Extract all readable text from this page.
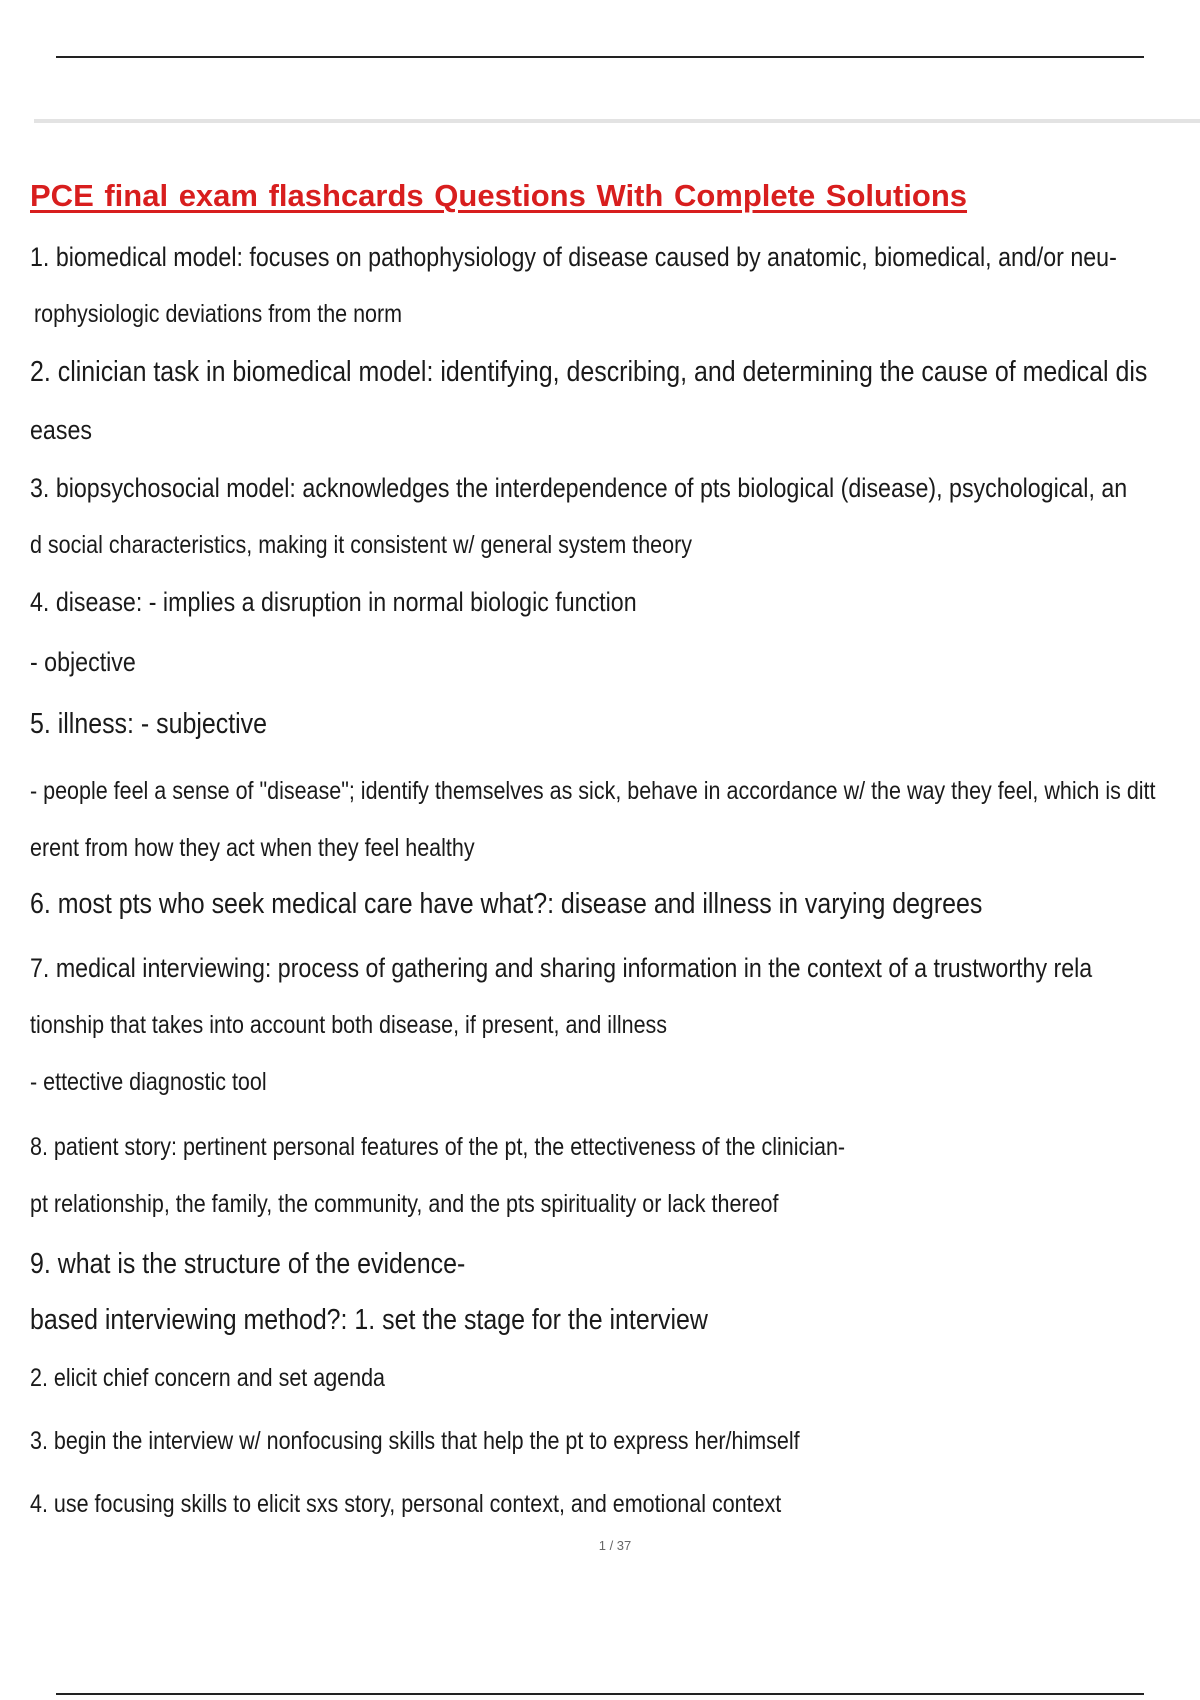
PCE final exam flashcards Questions With Complete Solutions
1. biomedical model: focuses on pathophysiology of disease caused by anatomic, biomedical, and/or neu-
rophysiologic deviations from the norm
2. clinician task in biomedical model: identifying, describing, and determining the cause of medical dis
eases
3. biopsychosocial model: acknowledges the interdependence of pts biological (disease), psychological, an
d social characteristics, making it consistent w/ general system theory
4. disease: - implies a disruption in normal biologic function
- objective
5. illness: - subjective
- people feel a sense of "disease"; identify themselves as sick, behave in accordance w/ the way they feel, which is ditt
erent from how they act when they feel healthy
6. most pts who seek medical care have what?: disease and illness in varying degrees
7. medical interviewing: process of gathering and sharing information in the context of a trustworthy rela
tionship that takes into account both disease, if present, and illness
- ettective diagnostic tool
8. patient story: pertinent personal features of the pt, the ettectiveness of the clinician-
pt relationship, the family, the community, and the pts spirituality or lack thereof
9. what is the structure of the evidence-
based interviewing method?: 1. set the stage for the interview
2. elicit chief concern and set agenda
3. begin the interview w/ nonfocusing skills that help the pt to express her/himself
4. use focusing skills to elicit sxs story, personal context, and emotional context
1 / 37
